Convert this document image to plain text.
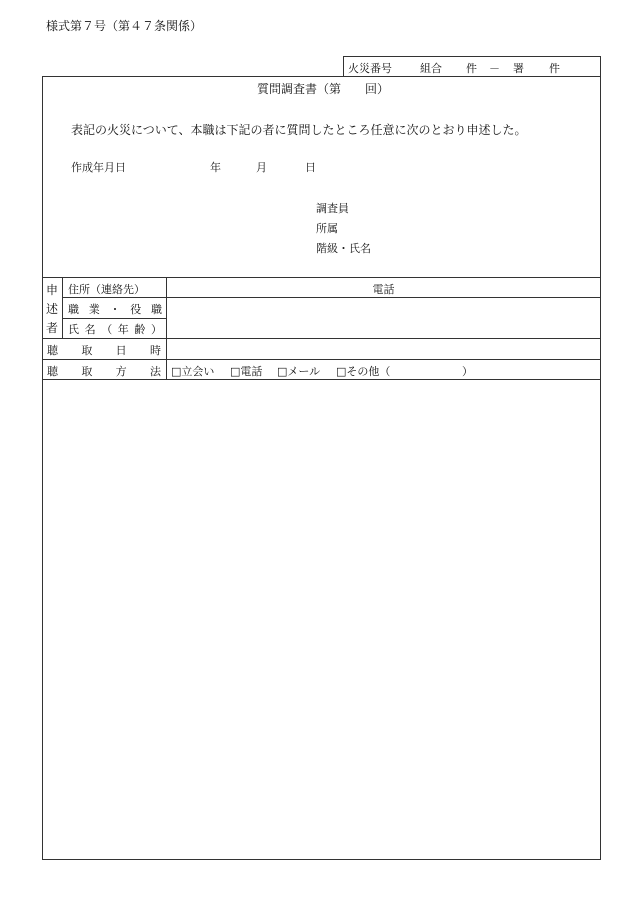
様式第７号（第４７条関係）
火災番号	組合 件 － 署 件
質問調査書（第 回）
表記の火災について、本職は下記の者に質問したところ任意に次のとおり申述した。
作成年月日	年	月	日
調査員
所属
階級・氏名
申
述
者
住所（連絡先）	電話
職 業 ・ 役 職
氏 名 （ 年 齢 ）
聴 取 日 時
聴 取 方 法 □立会い □電話 □メール □その他（	）
